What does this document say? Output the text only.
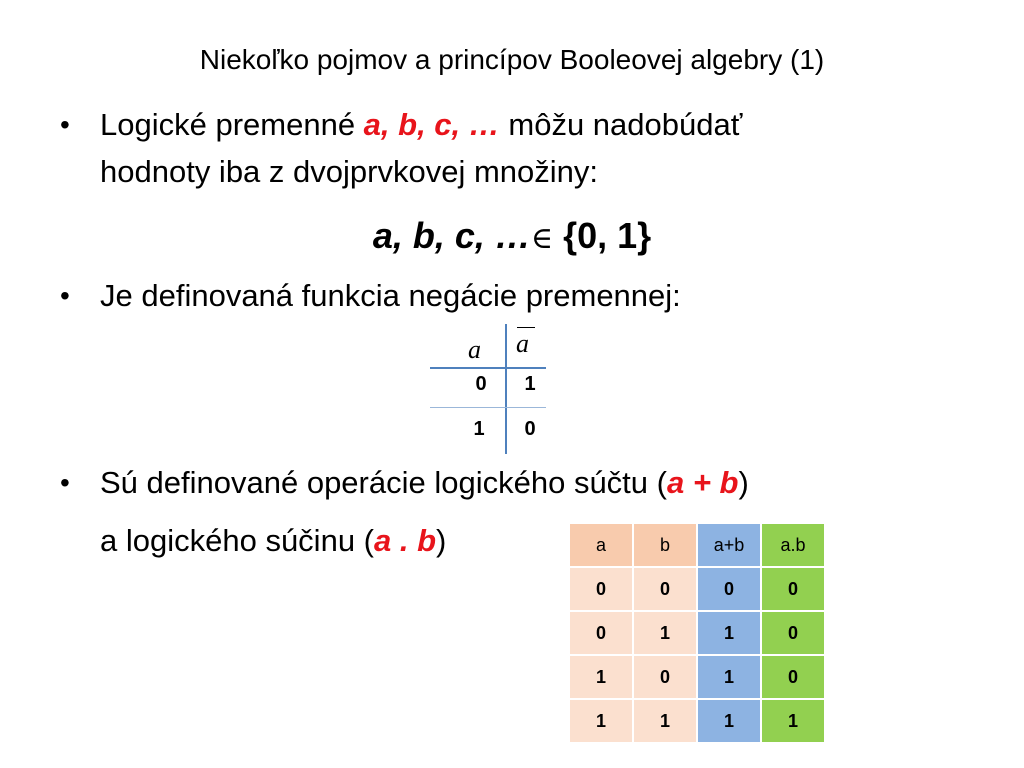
Niekoľko pojmov a princípov Booleovej algebry (1)
• Logické premenné a, b, c, … môžu nadobúdať
hodnoty iba z dvojprvkovej množiny:
a, b, c, …∈ {0, 1}
• Je definovaná funkcia negácie premennej:
a a
0	1
1	0
• Sú definované operácie logického súčtu (a + b)
a logického súčinu (a . b)	a	b	a+b	a.b
0	0	0	0
0	1	1	0
1	0	1	0
1	1	1	1
